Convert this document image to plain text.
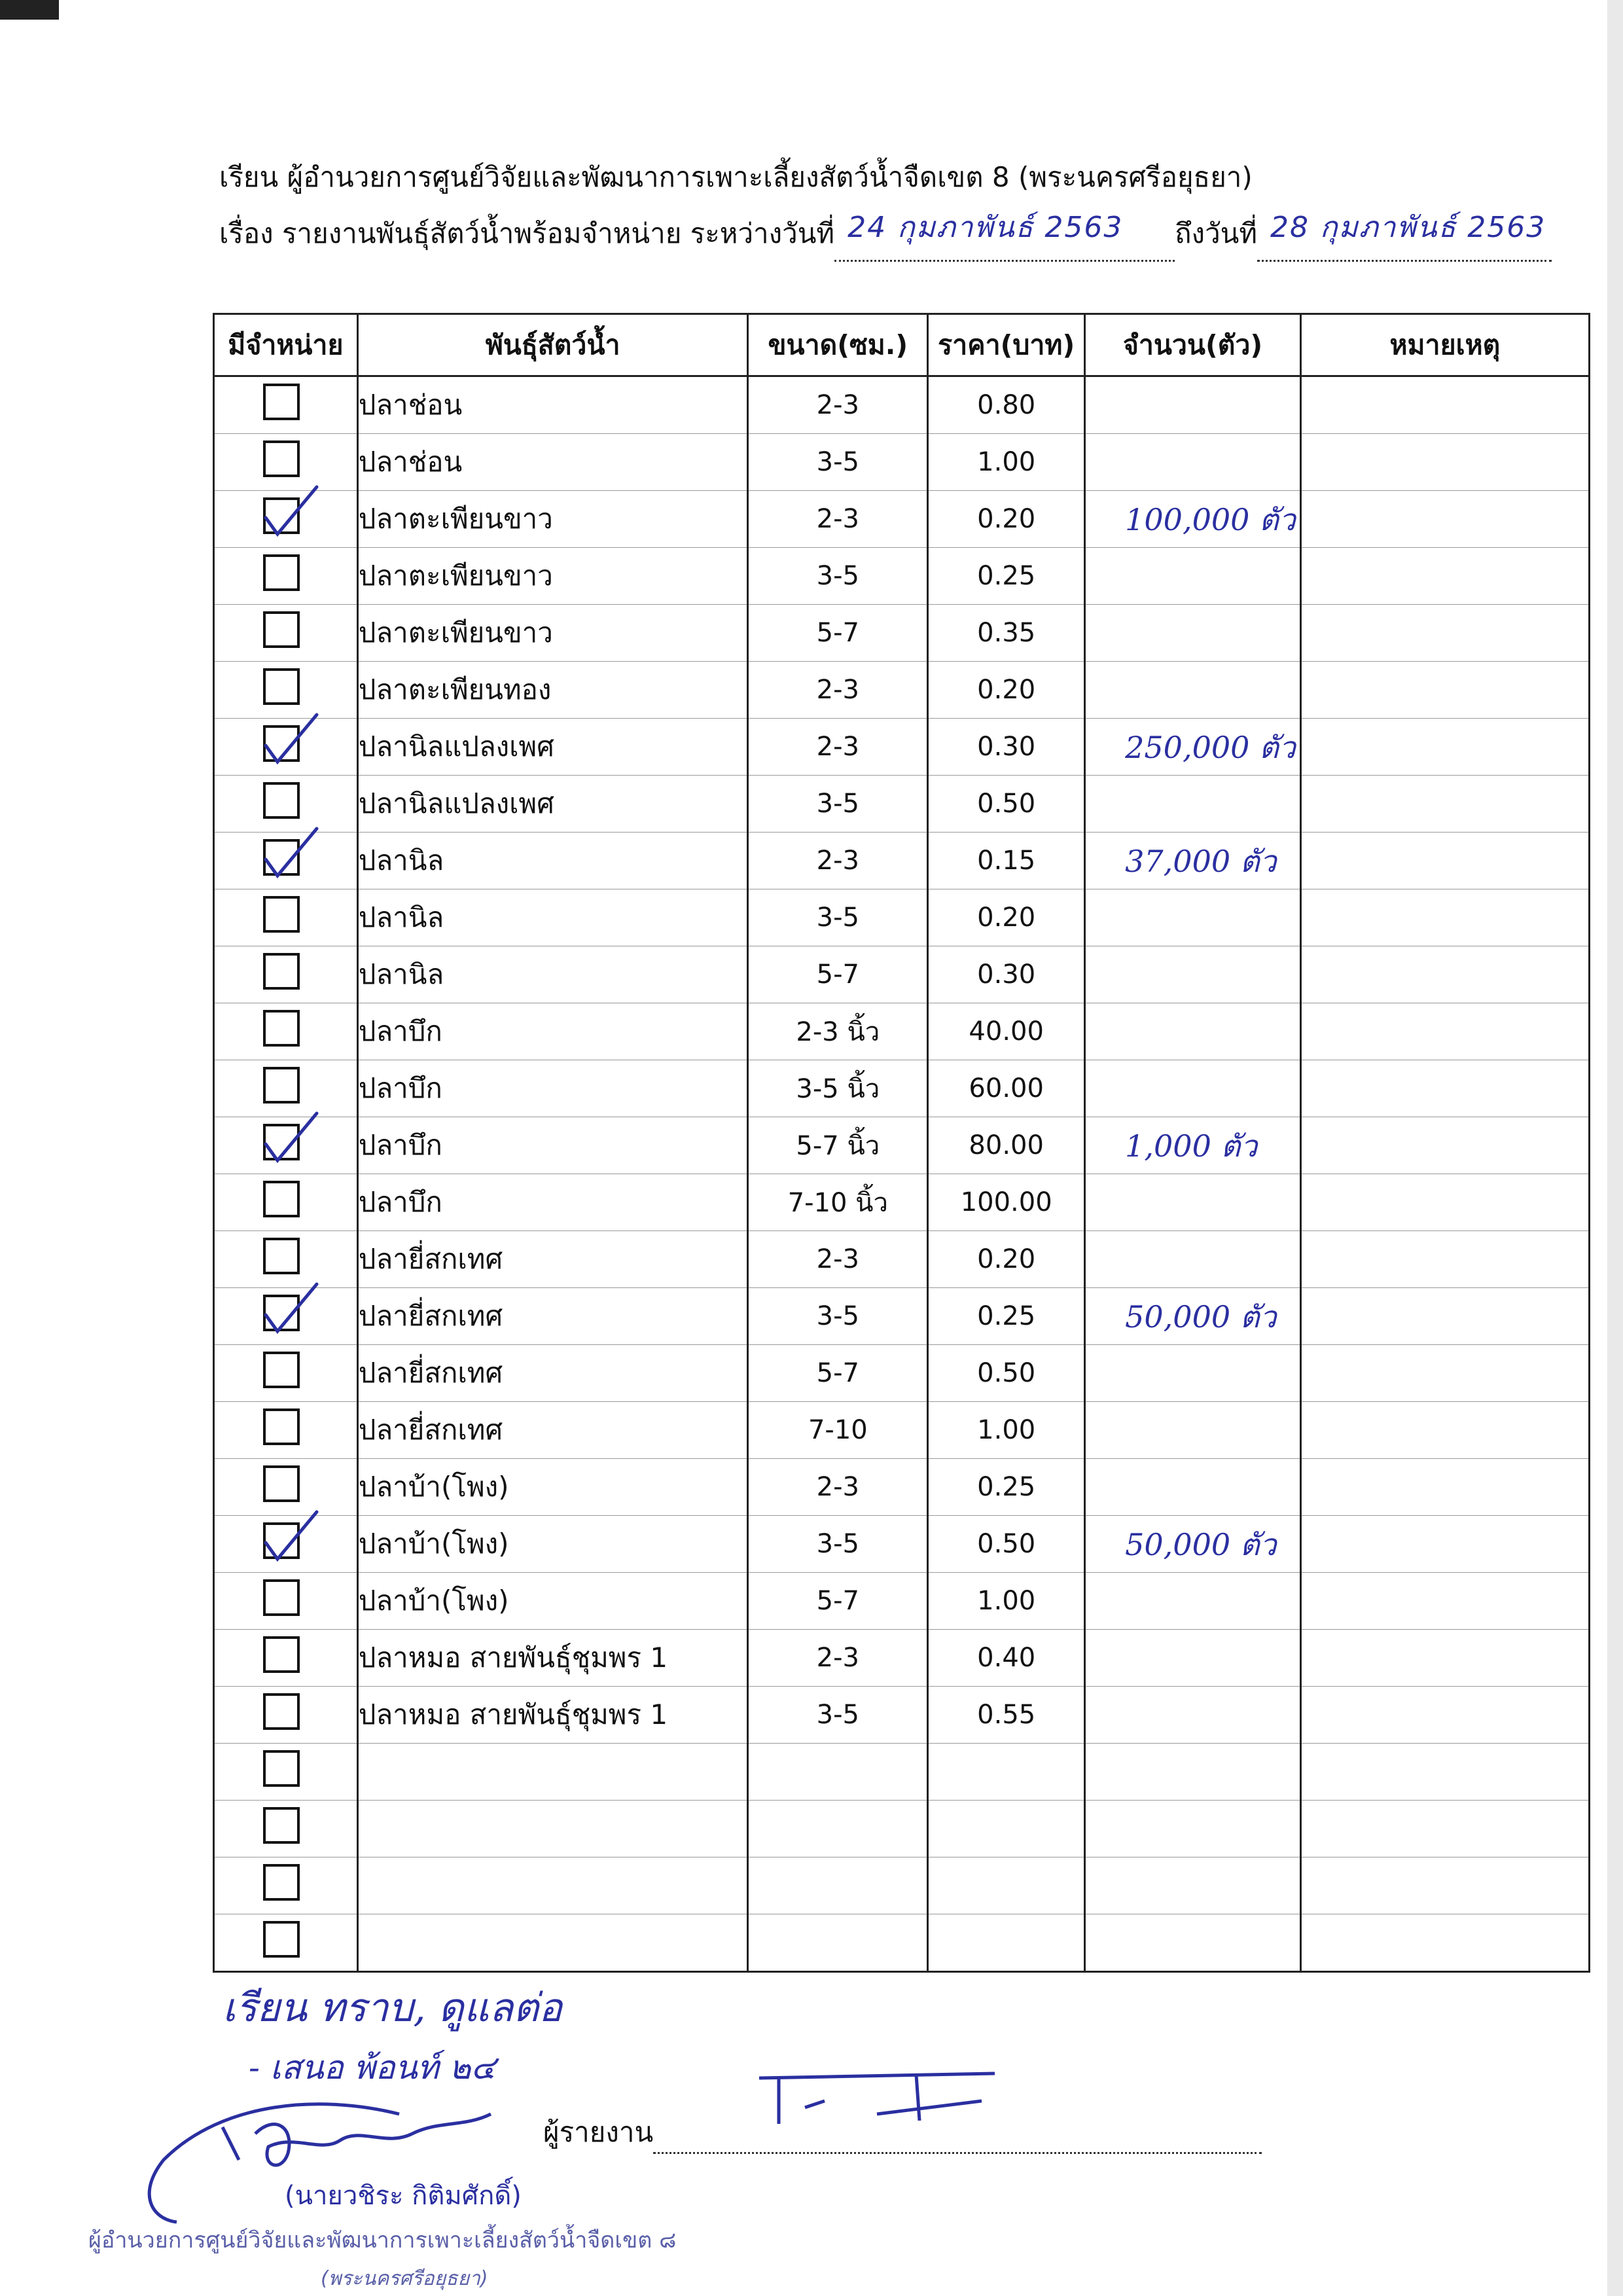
เรียน ผู้อำนวยการศูนย์วิจัยและพัฒนาการเพาะเลี้ยงสัตว์น้ำจืดเขต 8 (พระนครศรีอยุธยา)
เรื่อง รายงานพันธุ์สัตว์น้ำพร้อมจำหน่าย ระหว่างวันที่ 24 กุมภาพันธ์ 2563 ถึงวันที่ 28 กุมภาพันธ์ 2563
มีจำหน่าย	พันธุ์สัตว์น้ำ	ขนาด(ซม.)	ราคา(บาท)	จำนวน(ตัว)	หมายเหตุ

	ปลาช่อน	2-3	0.80	

	ปลาช่อน	3-5	1.00	

	ปลาตะเพียนขาว	2-3	0.20	100,000 ตัว	

	ปลาตะเพียนขาว	3-5	0.25	

	ปลาตะเพียนขาว	5-7	0.35	

	ปลาตะเพียนทอง	2-3	0.20	

	ปลานิลแปลงเพศ	2-3	0.30	250,000 ตัว	

	ปลานิลแปลงเพศ	3-5	0.50	

	ปลานิล	2-3	0.15	37,000 ตัว	

	ปลานิล	3-5	0.20	

	ปลานิล	5-7	0.30	

	ปลาบึก	2-3 นิ้ว	40.00	

	ปลาบึก	3-5 นิ้ว	60.00	

	ปลาบึก	5-7 นิ้ว	80.00	1,000 ตัว	

	ปลาบึก	7-10 นิ้ว	100.00	

	ปลายี่สกเทศ	2-3	0.20	

	ปลายี่สกเทศ	3-5	0.25	50,000 ตัว	

	ปลายี่สกเทศ	5-7	0.50	

	ปลายี่สกเทศ	7-10	1.00	

	ปลาบ้า(โพง)	2-3	0.25	

	ปลาบ้า(โพง)	3-5	0.50	50,000 ตัว	

	ปลาบ้า(โพง)	5-7	1.00	

	ปลาหมอ สายพันธุ์ชุมพร 1	2-3	0.40	

	ปลาหมอ สายพันธุ์ชุมพร 1	3-5	0.55	

เรียน ทราบ, ดูแลต่อ
- เสนอ พ้อนท์ ๒๔
ผู้รายงาน
(นายวชิระ กิติมศักดิ์)
ผู้อำนวยการศูนย์วิจัยและพัฒนาการเพาะเลี้ยงสัตว์น้ำจืดเขต ๘
(พระนครศรีอยุธยา)
